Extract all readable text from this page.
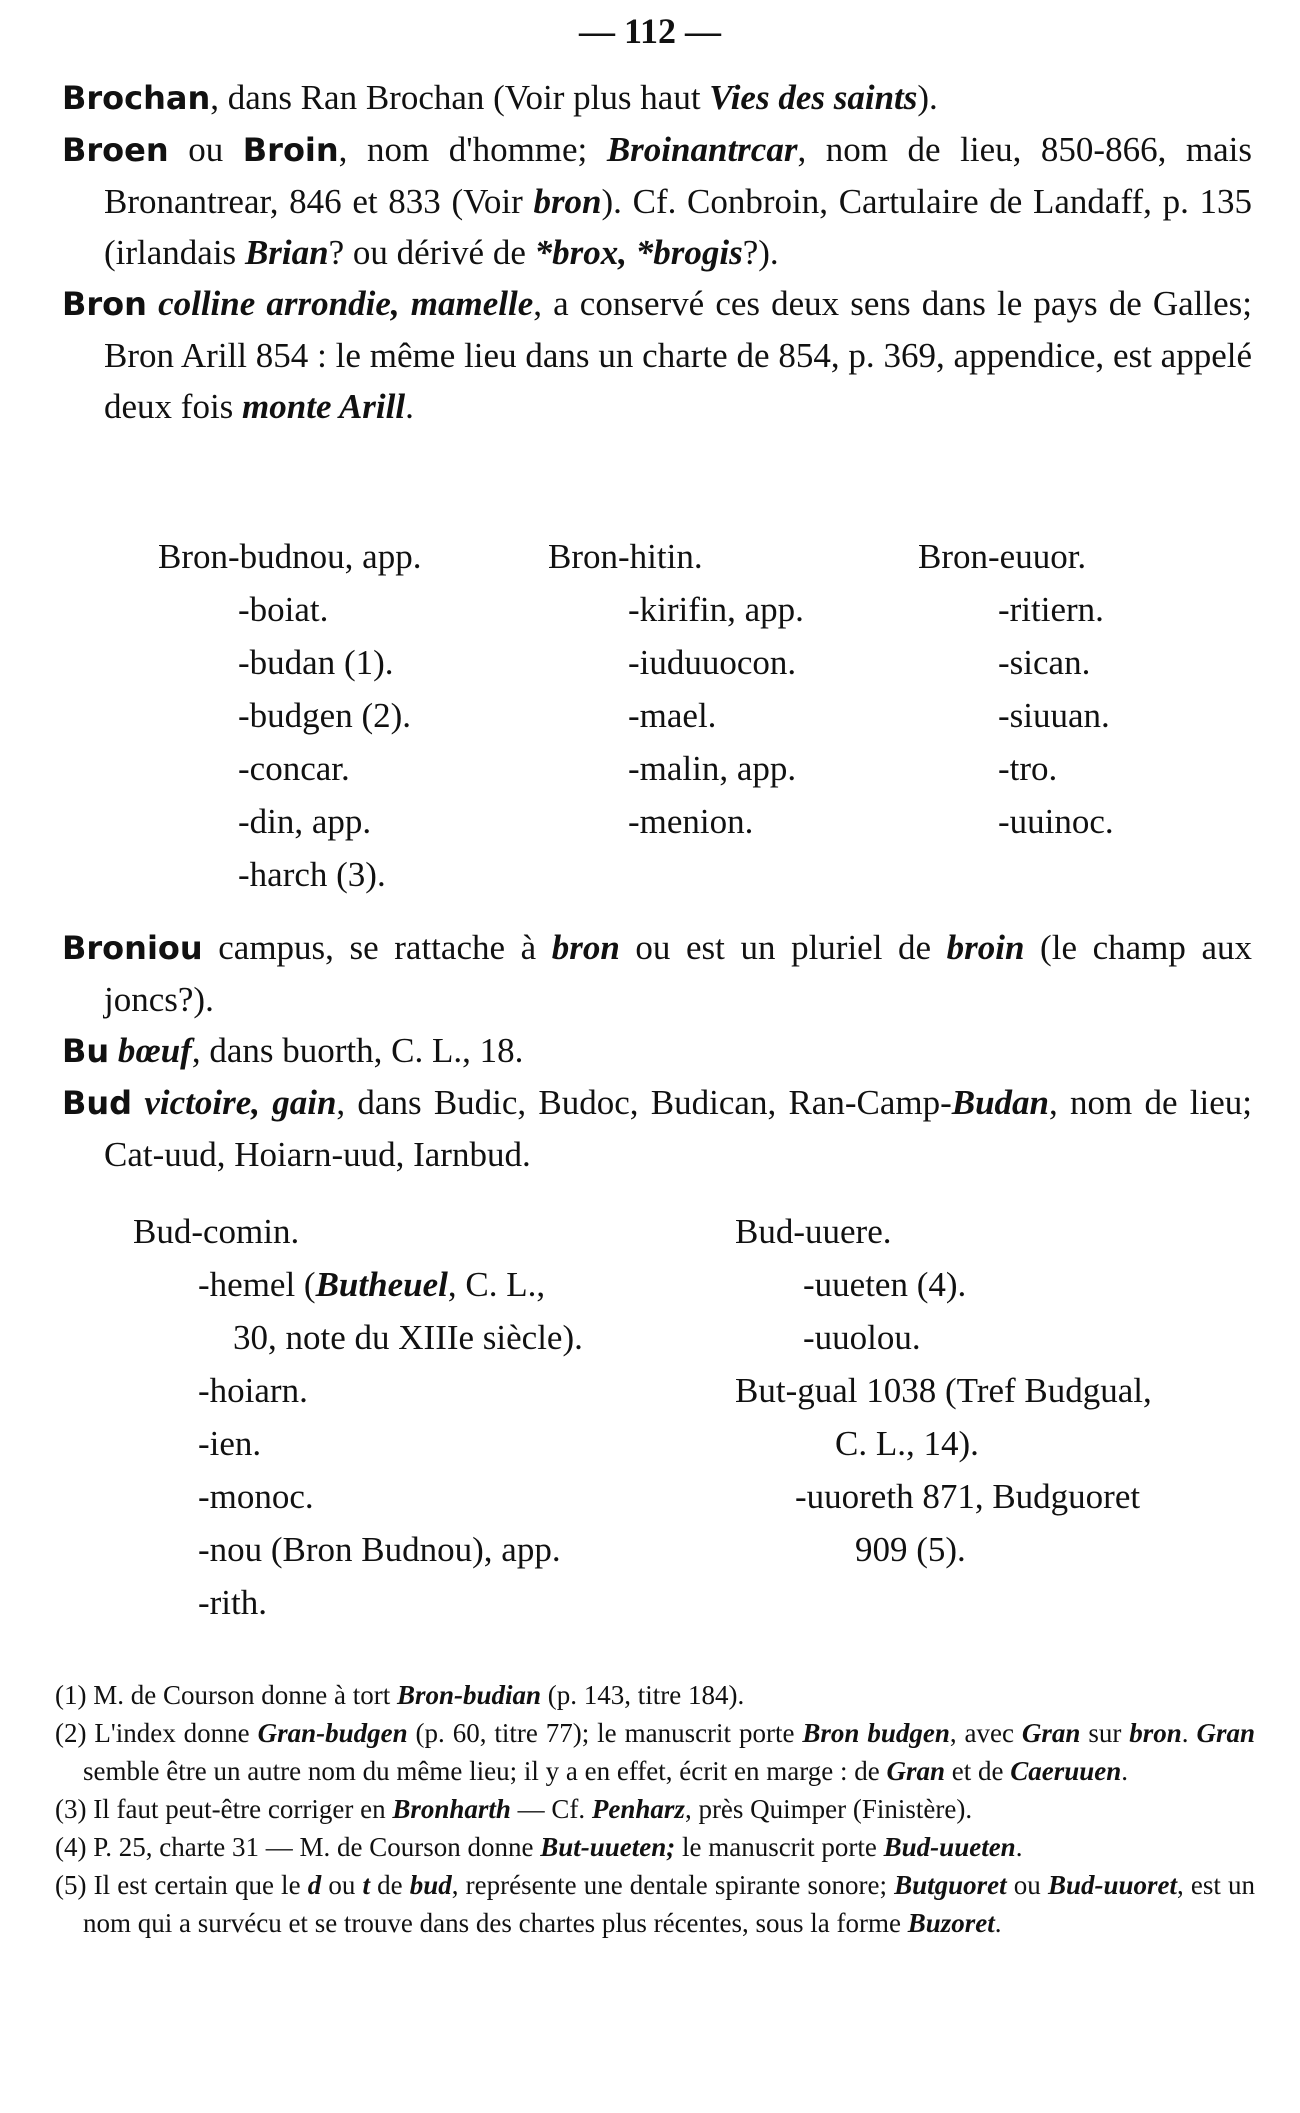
— 112 —

Brochan, dans Ran Brochan (Voir plus haut Vies des saints).

Broen ou Broin, nom d'homme; Broinantrcar, nom de lieu, 850-866, mais Bronantrear, 846 et 833 (Voir bron). Cf. Conbroin, Cartulaire de Landaff, p. 135 (irlandais Brian? ou dérivé de *brox, *brogis?).

Bron colline arrondie, mamelle, a conservé ces deux sens dans le pays de Galles; Bron Arill 854 : le même lieu dans un charte de 854, p. 369, appendice, est appelé deux fois monte Arill.

Bron-budnou, app.
-boiat.
-budan (1).
-budgen (2).
-concar.
-din, app.
-harch (3).
Bron-hitin.
-kirifin, app.
-iuduuocon.
-mael.
-malin, app.
-menion.
Bron-euuor.
-ritiern.
-sican.
-siuuan.
-tro.
-uuinoc.

Broniou campus, se rattache à bron ou est un pluriel de broin (le champ aux joncs?).

Bu bœuf, dans buorth, C. L., 18.

Bud victoire, gain, dans Budic, Budoc, Budican, Ran-Camp-Budan, nom de lieu; Cat-uud, Hoiarn-uud, Iarnbud.

Bud-comin.
-hemel (Butheuel, C. L.,
30, note du XIIIe siècle).
-hoiarn.
-ien.
-monoc.
-nou (Bron Budnou), app.
-rith.
Bud-uuere.
-uueten (4).
-uuolou.
But-gual 1038 (Tref Budgual,
C. L., 14).
-uuoreth 871, Budguoret
909 (5).

(1) M. de Courson donne à tort Bron-budian (p. 143, titre 184).

(2) L'index donne Gran-budgen (p. 60, titre 77); le manuscrit porte Bron budgen, avec Gran sur bron. Gran semble être un autre nom du même lieu; il y a en effet, écrit en marge : de Gran et de Caeruuen.

(3) Il faut peut-être corriger en Bronharth — Cf. Penharz, près Quimper (Finistère).

(4) P. 25, charte 31 — M. de Courson donne But-uueten; le manuscrit porte Bud-uueten.

(5) Il est certain que le d ou t de bud, représente une dentale spirante sonore; Butguoret ou Bud-uuoret, est un nom qui a survécu et se trouve dans des chartes plus récentes, sous la forme Buzoret.
